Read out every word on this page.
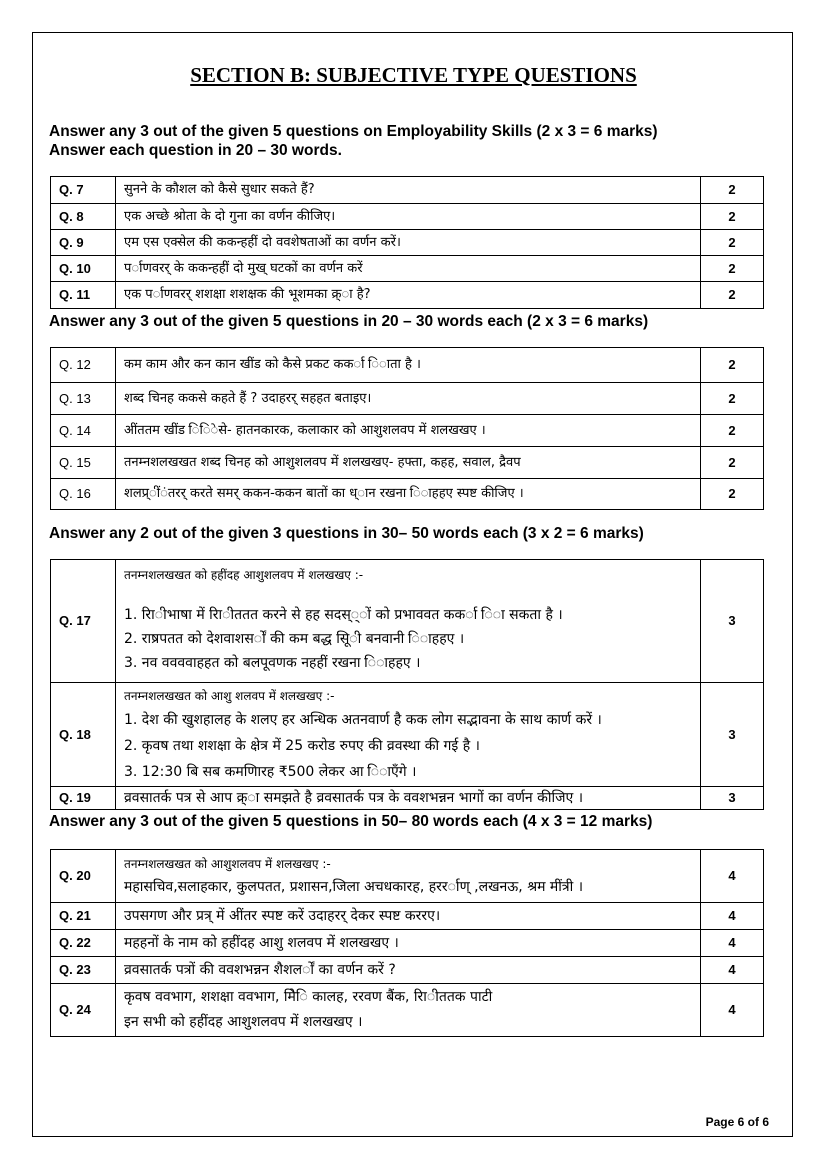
SECTION B: SUBJECTIVE TYPE QUESTIONS
Answer any 3 out of the given 5 questions on Employability Skills (2 x 3 = 6 marks)
Answer each question in 20 – 30 words.
Q. 7	सुनने के कौशल को कैसे सुधार सकते हैं?	2
Q. 8	एक अच्छे श्रोता के दो गुना का वर्णन कीजिए।	2
Q. 9	एम एस एक्सेल की ककन्हहीं दो ववशेषताओं का वर्णन करें।	2
Q. 10	पर्◌ाणवरर् के ककन्हहीं दो मुख् घटकों का वर्णन करें	2
Q. 11	एक पर्◌ाणवरर् शशक्षा शशक्षक की भूशमका क्र्◌ा है?	2
Answer any 3 out of the given 5 questions in 20 – 30 words each (2 x 3 = 6 marks)
Q. 12	कम काम और कन कान खींड को कैसे प्रकट ककर्◌ा ि◌ाता है ।	2
Q. 13	शब्द चिनह ककसे कहते हैं ? उदाहरर् सहहत बताइए।	2
Q. 14	अींततम खींड ि◌ि◌ेसे- हातनकारक, कलाकार को आशुशलवप में शलखखए ।	2
Q. 15	तनम्नशलखखत शब्द चिनह को आशुशलवप में शलखखए- हफ्ता, कहह, सवाल, द्रैवप	2
Q. 16	शलप्र्◌ीं◌ंतरर् करते समर् ककन-ककन बातों का ध्◌ान रखना ि◌ाहहए स्पष्ट कीजिए ।	2
Answer any 2 out of the given 3 questions in 30– 50 words each (3 x 2 = 6 marks)
Q. 17	तनम्नशलखखत को हहींदह आशुशलवप में शलखखए :-
1. राि◌ीभाषा में राि◌ीततत करने से हह सदस्◌्◌ों को प्रभाववत ककर्◌ा ि◌ा सकता है ।
2. राष्रपतत को देशवाशसर्◌ों की कम बद्ध सूि◌ी बनवानी ि◌ाहहए ।
3. नव ववववाहहत को बलपूवणक नहहीं रखना ि◌ाहहए ।	3
Q. 18	तनम्नशलखखत को आशु शलवप में शलखखए :-
1. देश की खुशहालह के शलए हर अन्धिक अतनवार्ण है कक लोग सद्भावना के साथ कार्ण करें ।
2. कृवष तथा शशक्षा के क्षेत्र में 25 करोड रुपए की व्रवस्था की गई है ।
3. 12:30 बि सब कमणिारह ₹500 लेकर आ ि◌ाएँगे ।	3
Q. 19	व्रवसातर्क पत्र से आप क्र्◌ा समझते है व्रवसातर्क पत्र के ववशभन्नन भागों का वर्णन कीजिए ।	3
Answer any 3 out of the given 5 questions in 50– 80 words each (4 x 3 = 12 marks)
Q. 20	तनम्नशलखखत को आशुशलवप में शलखखए :-
महासचिव,सलाहकार, कुलपतत, प्रशासन,जिला अचधकारह, हररर्◌ाण् ,लखनऊ, श्रम मींत्री ।	4
Q. 21	उपसगण और प्रत्र् में अींतर स्पष्ट करें उदाहरर् देकर स्पष्ट कररए।	4
Q. 22	महहनों के नाम को हहींदह आशु शलवप में शलखखए ।	4
Q. 23	व्रवसातर्क पत्रों की ववशभन्नन शैशलर्◌ों का वर्णन करें ?	4
Q. 24	कृवष ववभाग, शशक्षा ववभाग, मेि◌ि कालह, ररवण बैंक, राि◌ीततक पाटी
इन सभी को हहींदह आशुशलवप में शलखखए ।	4
Page 6 of 6
